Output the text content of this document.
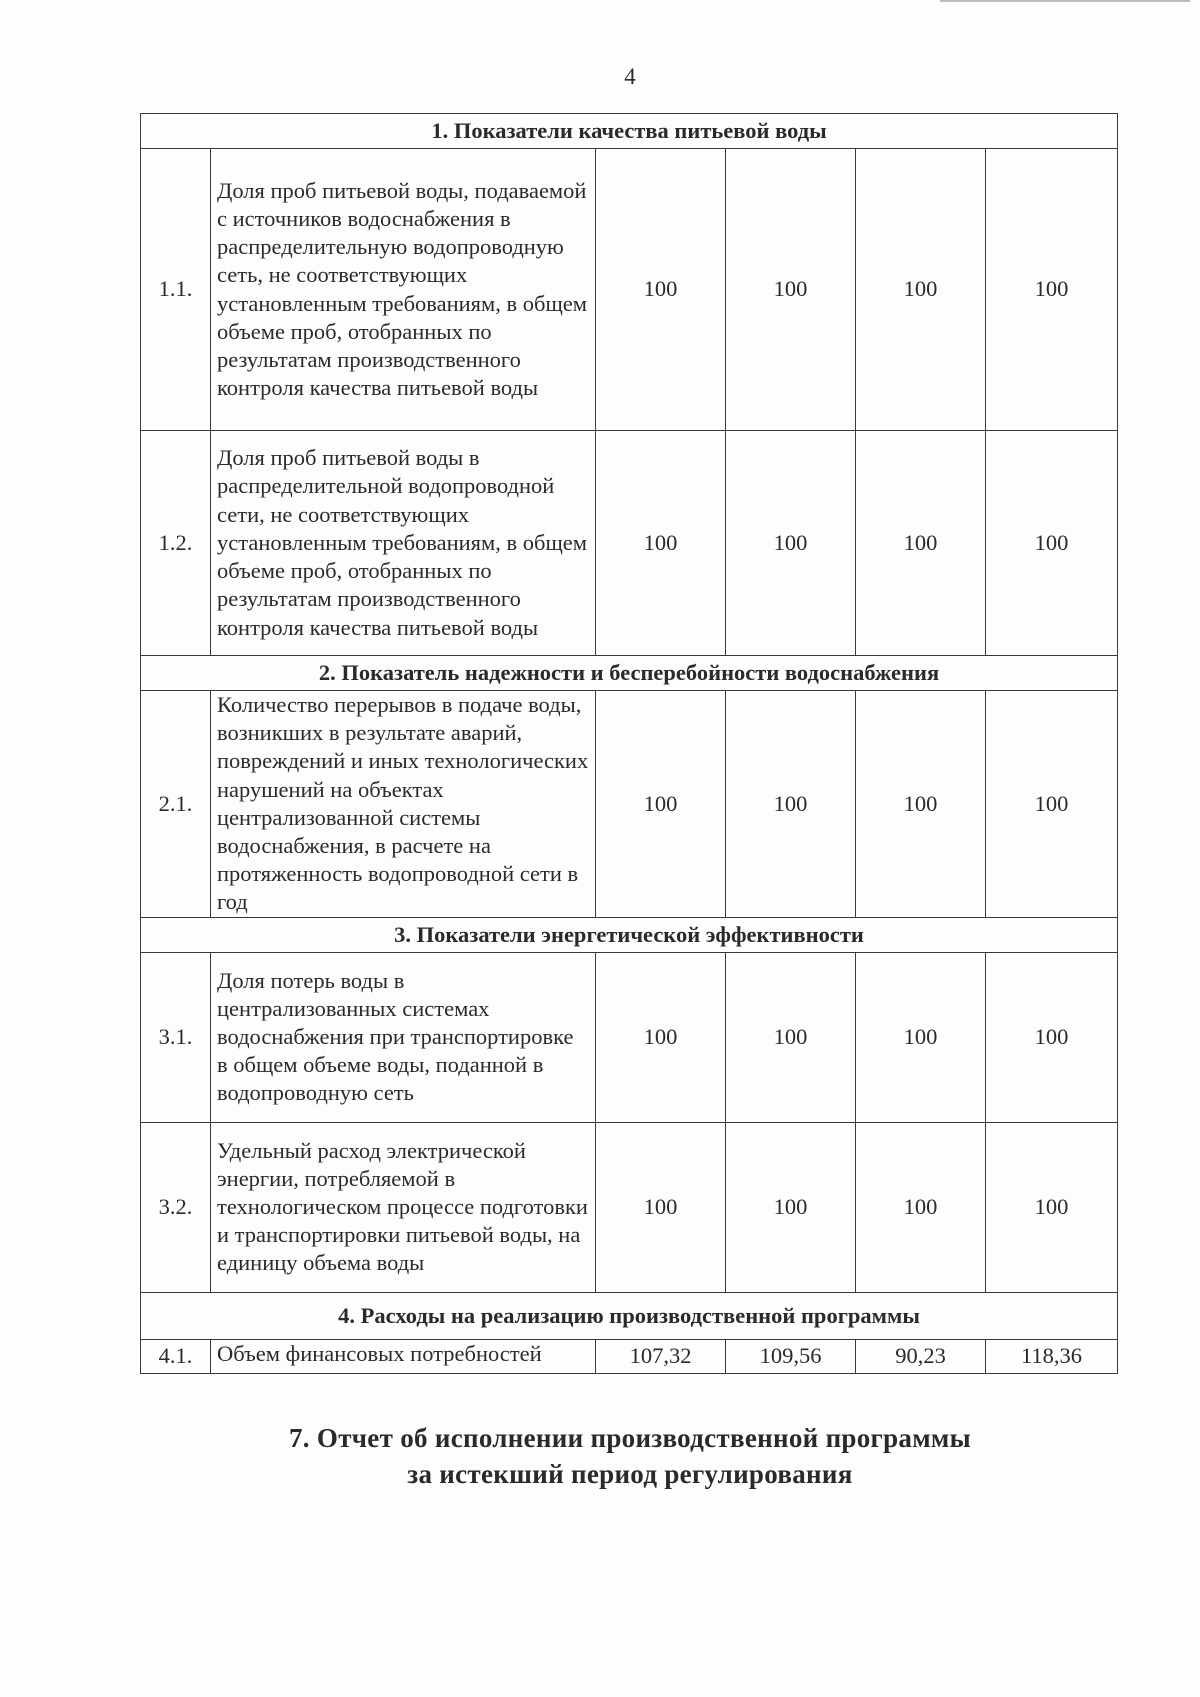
4
1. Показатели качества питьевой воды					
1.1.	Доля проб питьевой воды, подаваемой с источников водоснабжения в распределительную водопроводную сеть, не соответствующих установленным требованиям, в общем объеме проб, отобранных по результатам производственного контроля качества питьевой воды	100	100	100	100
1.2.	Доля проб питьевой воды в распределительной водопроводной сети, не соответствующих установленным требованиям, в общем объеме проб, отобранных по результатам производственного контроля качества питьевой воды	100	100	100	100
2. Показатель надежности и бесперебойности водоснабжения					
2.1.	Количество перерывов в подаче воды, возникших в результате аварий, повреждений и иных технологических нарушений на объектах централизованной системы водоснабжения, в расчете на протяженность водопроводной сети в год	100	100	100	100
3. Показатели энергетической эффективности					
3.1.	Доля потерь воды в централизованных системах водоснабжения при транспортировке в общем объеме воды, поданной в водопроводную сеть	100	100	100	100
3.2.	Удельный расход электрической энергии, потребляемой в технологическом процессе подготовки и транспортировки питьевой воды, на единицу объема воды	100	100	100	100
4. Расходы на реализацию производственной программы					
4.1.	Объем финансовых потребностей	107,32	109,56	90,23	118,36
7. Отчет об исполнении производственной программы
за истекший период регулирования
